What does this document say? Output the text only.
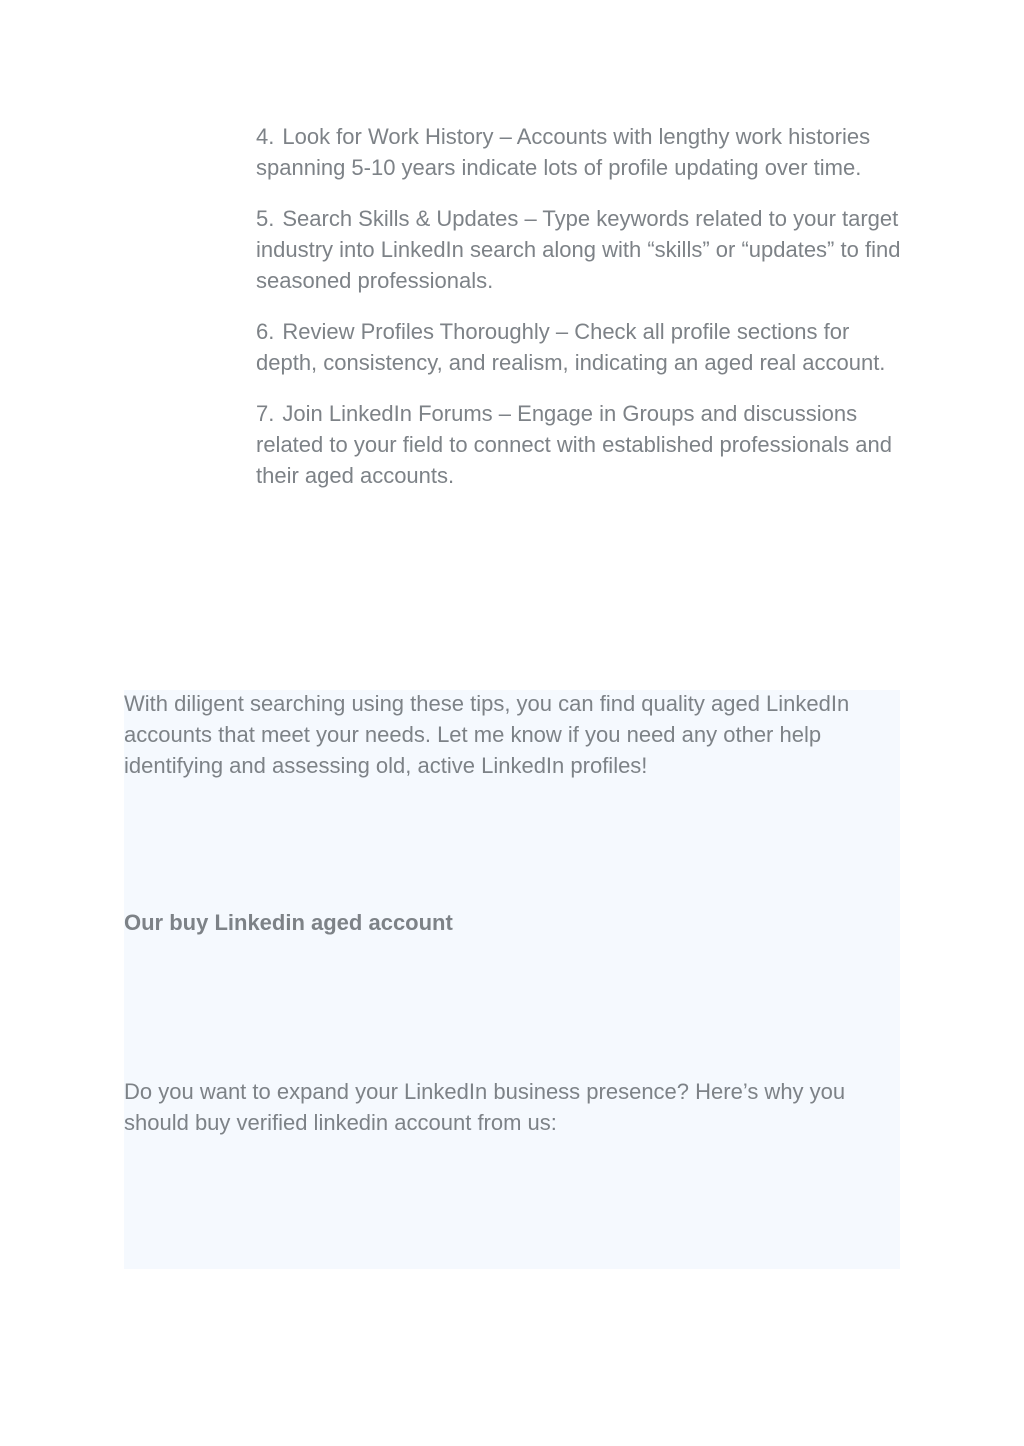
4. Look for Work History – Accounts with lengthy work histories spanning 5-10 years indicate lots of profile updating over time.
5. Search Skills & Updates – Type keywords related to your target industry into LinkedIn search along with “skills” or “updates” to find seasoned professionals.
6. Review Profiles Thoroughly – Check all profile sections for depth, consistency, and realism, indicating an aged real account.
7. Join LinkedIn Forums – Engage in Groups and discussions related to your field to connect with established professionals and their aged accounts.

With diligent searching using these tips, you can find quality aged LinkedIn accounts that meet your needs. Let me know if you need any other help identifying and assessing old, active LinkedIn profiles!

Our buy Linkedin aged account

Do you want to expand your LinkedIn business presence? Here’s why you should buy verified linkedin account from us:
